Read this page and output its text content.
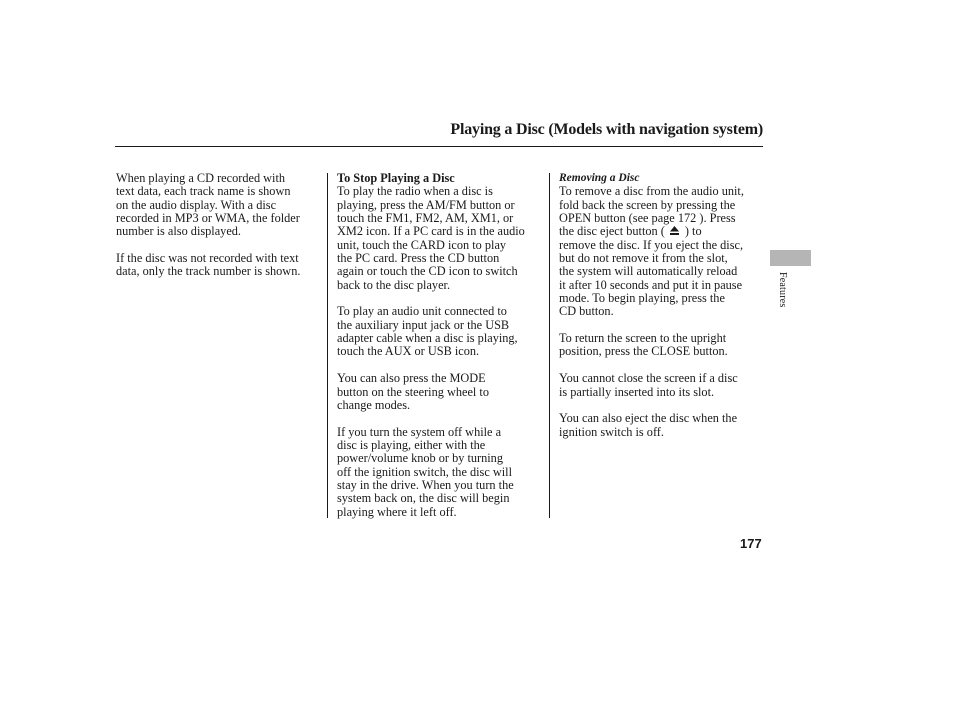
Playing a Disc (Models with navigation system)

When playing a CD recorded with
text data, each track name is shown
on the audio display. With a disc
recorded in MP3 or WMA, the folder
number is also displayed.

If the disc was not recorded with text
data, only the track number is shown.

To Stop Playing a Disc

To play the radio when a disc is
playing, press the AM/FM button or
touch the FM1, FM2, AM, XM1, or
XM2 icon. If a PC card is in the audio
unit, touch the CARD icon to play
the PC card. Press the CD button
again or touch the CD icon to switch
back to the disc player.

To play an audio unit connected to
the auxiliary input jack or the USB
adapter cable when a disc is playing,
touch the AUX or USB icon.

You can also press the MODE
button on the steering wheel to
change modes.

If you turn the system off while a
disc is playing, either with the
power/volume knob or by turning
off the ignition switch, the disc will
stay in the drive. When you turn the
system back on, the disc will begin
playing where it left off.

Removing a Disc

To remove a disc from the audio unit,
fold back the screen by pressing the
OPEN button (see page 172 ). Press
the disc eject button ( ) to
remove the disc. If you eject the disc,
but do not remove it from the slot,
the system will automatically reload
it after 10 seconds and put it in pause
mode. To begin playing, press the
CD button.

To return the screen to the upright
position, press the CLOSE button.

You cannot close the screen if a disc
is partially inserted into its slot.

You can also eject the disc when the
ignition switch is off.

Features
177
